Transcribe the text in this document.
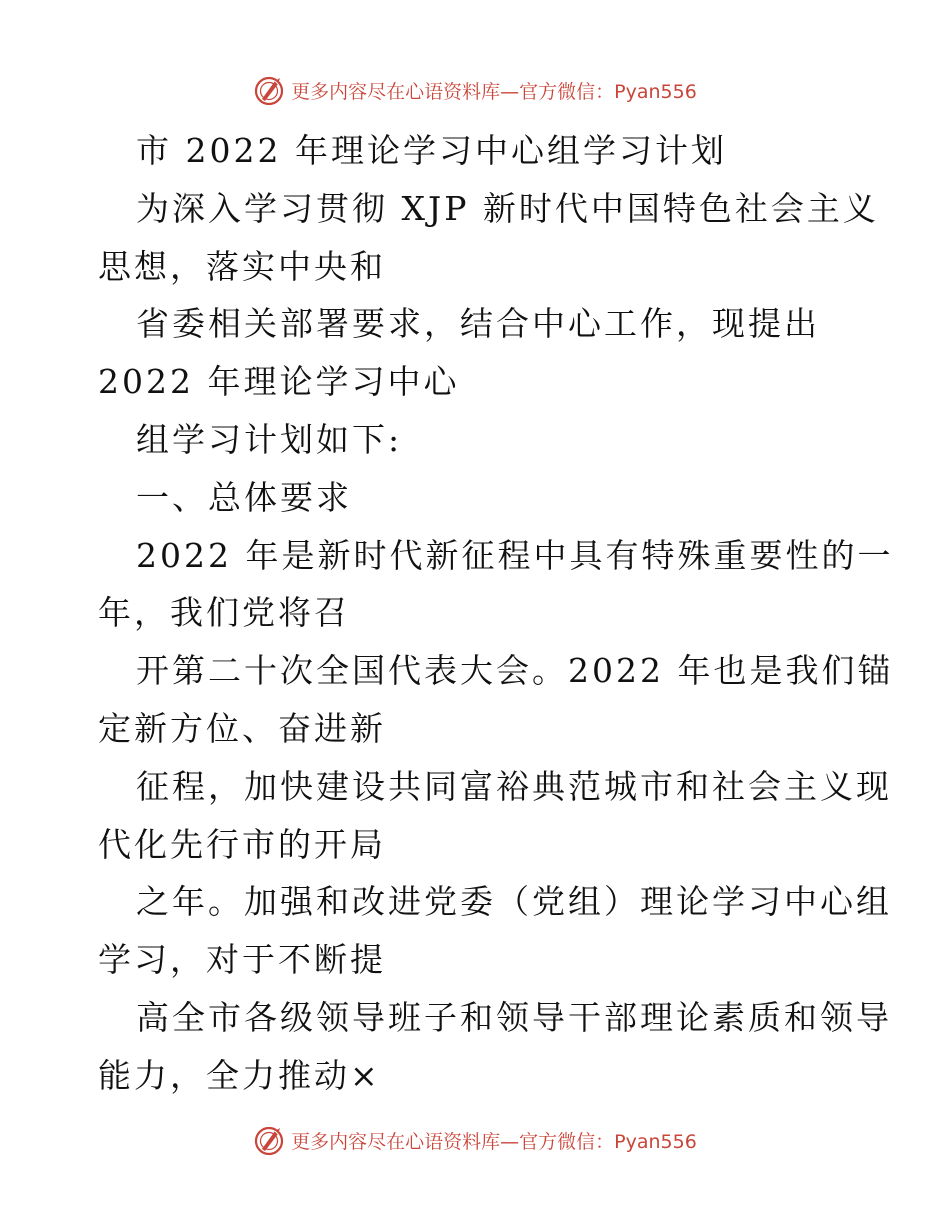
更多内容尽在心语资料库—官方微信：Pyan556
市 2022 年理论学习中心组学习计划
为深入学习贯彻 XJP 新时代中国特色社会主义
思想，落实中央和
省委相关部署要求，结合中心工作，现提出
2022 年理论学习中心
组学习计划如下:
一、总体要求
2022 年是新时代新征程中具有特殊重要性的一
年，我们党将召
开第二十次全国代表大会。2022 年也是我们锚
定新方位、奋进新
征程，加快建设共同富裕典范城市和社会主义现
代化先行市的开局
之年。加强和改进党委（党组）理论学习中心组
学习，对于不断提
高全市各级领导班子和领导干部理论素质和领导
能力，全力推动×
更多内容尽在心语资料库—官方微信：Pyan556
